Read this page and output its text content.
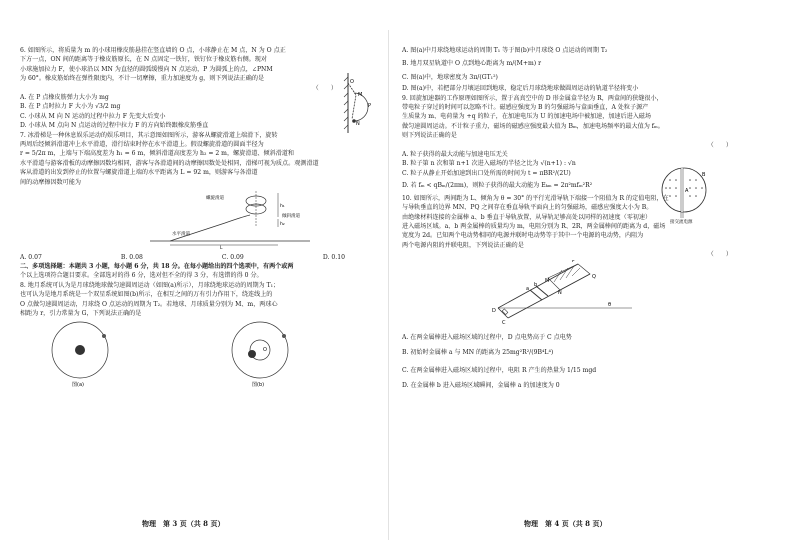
6. 如图所示，将质量为 m 的小球用橡皮筋悬挂在竖直墙的 O 点，小球静止在 M 点，N 为 O 点正

下方一点，ON 间的距离等于橡皮筋原长，在 N 点固定一铁钉，铁钉位于橡皮筋右侧。现对

小球施加拉力 F，使小球沿以 MN 为直径的圆弧缓慢向 N 点运动，P 为圆弧上的点，∠PNM

为 60°。橡皮筋始终在弹性限度内，不计一切摩擦，重力加速度为 g，则下列说法正确的是

（　　）

A. 在 P 点橡皮筋弹力大小为 mg

B. 在 P 点时拉力 F 大小为 √3/2 mg

C. 小球从 M 向 N 运动的过程中拉力 F 先变大后变小

D. 小球从 M 点向 N 点运动的过程中拉力 F 的方向始终跟橡皮筋垂直

O
M
P
N

7. 冰滑梯是一种休息娱乐运动的娱乐项目，其示意图如图所示，游客从螺旋滑道上端滑下，旋转

两周后经倾斜滑道冲上水平滑道，滑行结束时停在水平滑道上。假设螺旋滑道的圆面半径为

r = 5/2π m，上端与下端高度差为 h₁ = 6 m，倾斜滑道高度差为 h₂ = 2 m，螺旋滑道、倾斜滑道和

水平滑道与游客滑板的动摩擦因数均相同，游客与各滑道间的动摩擦因数处处相同，滑梯可视为质点。观测滑道

客从滑道的出发到停止的位置与螺旋滑道上端的水平距离为 L = 92 m，则游客与各滑道

间的动摩擦因数可能为

螺旋滑道
倾斜滑道
水平滑道
h₁
h₂
L
A. 0.07	B. 0.08	C. 0.09	D. 0.10

二、多项选择题：本题共 3 小题，每小题 6 分，共 18 分。在每小题给出的四个选项中，有两个或两

个以上选项符合题目要求。全部选对的得 6 分，选对但不全的得 3 分，有选错的得 0 分。

8. 地月系统可认为是月球绕地球做匀速圆周运动（如图(a)所示），月球绕地球运动的周期为 T₁；

也可认为是地月系统是一个双星系统如图(b)所示，在相互之间的万有引力作用下，绕连线上的

O 点做匀速圆周运动，月球绕 O 点运动的周期为 T₂。若地球、月球质量分别为 M、m，两球心

相距为 r，引力常量为 G，下列说法正确的是

O
图(a)	图(b)
物理　第 3 页（共 8 页）

A. 图(a)中月球绕地球运动的周期 T₁ 等于图(b)中月球绕 O 点运动的周期 T₂

B. 地月双星轨道中 O 点到地心距离为 m/(M+m) r

C. 图(a)中，地球密度为 3π/(GT₁²)

D. 图(a)中，若把部分月壤运回到地球，稳定后月球绕地球做圆周运动的轨道半径将变小

9. 回旋加速器的工作原理如图所示，置于高真空中的 D 形金属盒半径为 R，两盒间的狭缝很小，

带电粒子穿过的时间可以忽略不计。磁感应强度为 B 的匀强磁场与盒面垂直，A 处粒子源产

生质量为 m、电荷量为 +q 的粒子，在加速电压为 U 的加速电场中被加速，加速后进入磁场

做匀速圆周运动。不计粒子重力，磁场的磁感应强度最大值为 Bₘ，加速电场频率的最大值为 fₘ。

则下列说法正确的是

（　　）

A. 粒子获得的最大动能与加速电压无关

B. 粒子第 n 次和第 n+1 次进入磁场的半径之比为 √(n+1) : √n

C. 粒子从静止开始加速到出口处所需的时间为 t = πBR²/(2U)

D. 若 fₘ < qBₘ/(2πm)，则粒子获得的最大动能为 Eₖₘ = 2π²mfₘ²R²

A
B
接交流电源

10. 如图所示，两间距为 L、倾角为 θ = 30° 的平行光滑导轨下端接一个阻值为 R 的定值电阻，在

与导轨垂直的边界 MN、PQ 之间存在垂直导轨平面向上的匀强磁场，磁感应强度大小为 B。

由绝缘材料连接的金属棒 a、b 垂直于导轨放置，从导轨足够高处以同样的初速度（零初速）

进入磁场区域。a、b 两金属棒的质量均为 m，电阻分别为 R、2R，两金属棒间的距离为 d，磁场

宽度为 2d。已知两个电动势相同的电源并联时电动势等于其中一个电源的电动势，内阻为

两个电源内阻的并联电阻，下列说法正确的是

（　　）

D
C
M
N
P
Q
a
b
θ

A. 在两金属棒进入磁场区域的过程中，D 点电势高于 C 点电势

B. 初始时金属棒 a 与 MN 的距离为 25mg²R²/(9B⁴L⁴)

C. 在两金属棒进入磁场区域的过程中，电阻 R 产生的热量为 1/15 mgd

D. 在金属棒 b 进入磁场区域瞬间，金属棒 a 的加速度为 0

物理　第 4 页（共 8 页）
